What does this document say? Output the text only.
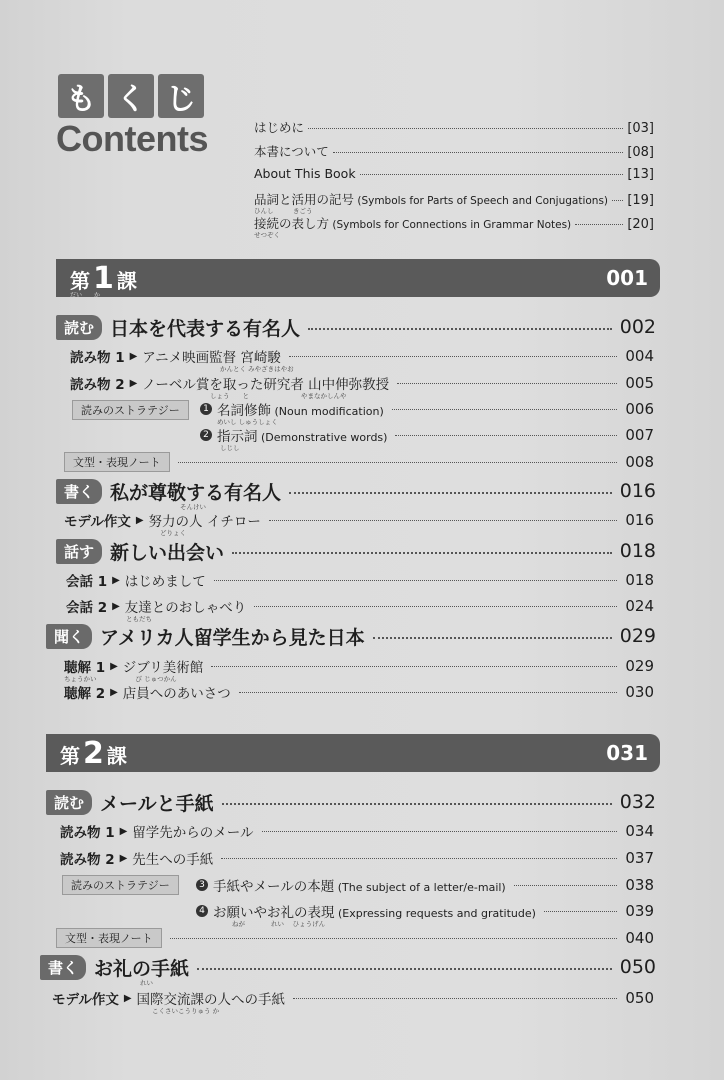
も く じ
Contents	はじめに	[03]
本書について	[08]
About This Book	[13]
品詞と活用の記号 (Symbols for Parts of Speech and Conjugations) [19]
ひんし　　　きごう
接続の表し方 (Symbols for Connections in Grammar Notes)	[20]
せつぞく
第 1 課	001
だい　　か
読む 日本を代表する有名人	002
読み物 1 ▶ アニメ映画監督 宮崎駿	004
かんとく みやざきはやお
読み物 2 ▶ ノーベル賞を取った研究者 山中伸弥教授	005
しょう　　と　　　　　　　　やまなかしんや
読みのストラテジー	1 名詞修飾 (Noun modification)	006
めいし しゅうしょく
2 指示詞 (Demonstrative words)	007
しじし
文型・表現ノート	008
書く 私が尊敬する有名人	016
そんけい
モデル作文 ▶ 努力の人 イチロー	016
どりょく
話す 新しい出会い	018
会話 1 ▶ はじめまして	018
会話 2 ▶ 友達とのおしゃべり	024
ともだち
聞く アメリカ人留学生から見た日本	029
聴解 1 ▶ ジブリ美術館	029
ちょうかい　　　　　　び じゅつかん
聴解 2 ▶ 店員へのあいさつ	030
第 2 課	031
読む メールと手紙	032
読み物 1 ▶ 留学先からのメール	034
読み物 2 ▶ 先生への手紙	037
読みのストラテジー	3 手紙やメールの本題 (The subject of a letter/e-mail)	038
4 お願いやお礼の表現 (Expressing requests and gratitude)	039
ねが　　　　れい　 ひょうげん
文型・表現ノート	040
書く お礼の手紙	050
れい
モデル作文 ▶ 国際交流課の人への手紙	050
こくさいこうりゅう か
